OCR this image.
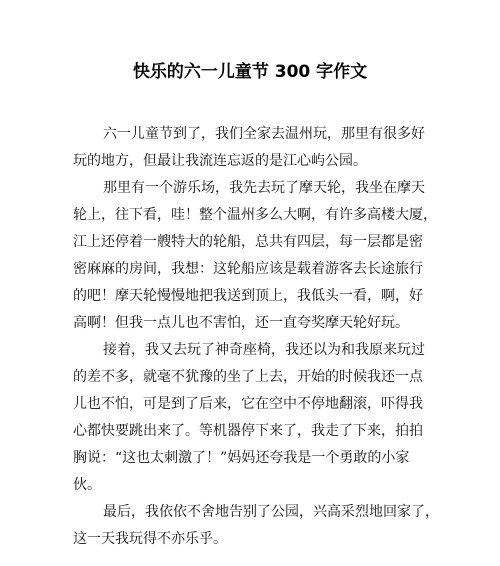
快乐的六一儿童节 300 字作文
六一儿童节到了，我们全家去温州玩，那里有很多好
玩的地方，但最让我流连忘返的是江心屿公园。
那里有一个游乐场，我先去玩了摩天轮，我坐在摩天
轮上，往下看，哇！整个温州多么大啊，有许多高楼大厦，
江上还停着一艘特大的轮船，总共有四层，每一层都是密
密麻麻的房间，我想：这轮船应该是载着游客去长途旅行
的吧！摩天轮慢慢地把我送到顶上，我低头一看，啊，好
高啊！但我一点儿也不害怕，还一直夸奖摩天轮好玩。
接着，我又去玩了神奇座椅，我还以为和我原来玩过
的差不多，就毫不犹豫的坐了上去，开始的时候我还一点
儿也不怕，可是到了后来，它在空中不停地翻滚，吓得我
心都快要跳出来了。等机器停下来了，我走了下来，拍拍
胸说：“这也太刺激了！”妈妈还夸我是一个勇敢的小家
伙。
最后，我依依不舍地告别了公园，兴高采烈地回家了，
这一天我玩得不亦乐乎。
